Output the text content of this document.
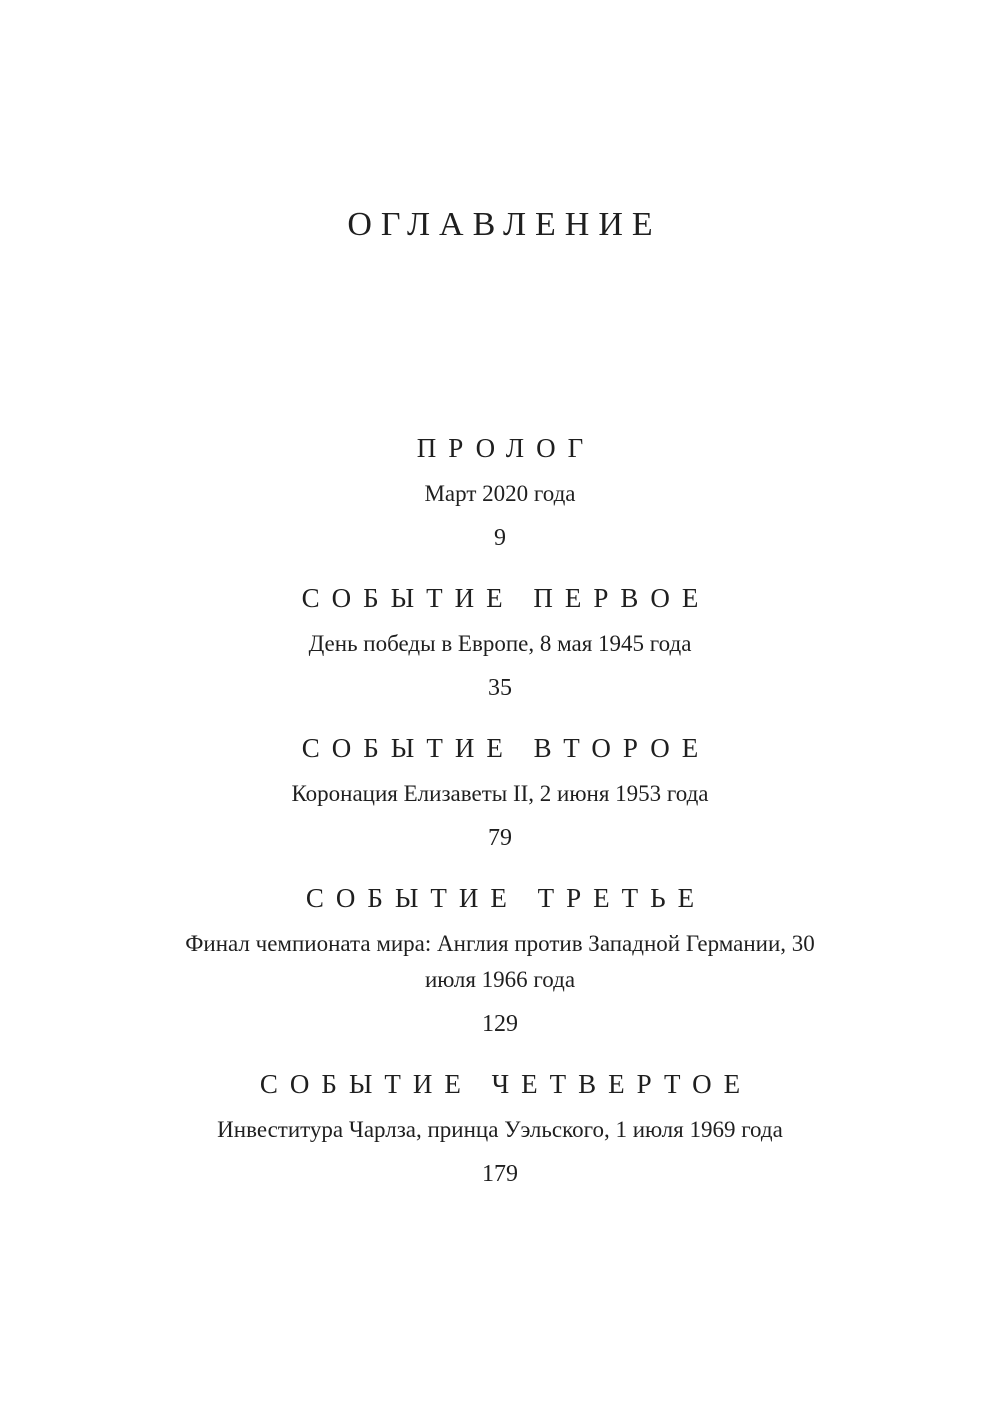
ОГЛАВЛЕНИЕ
ПРОЛОГ
Март 2020 года
9
СОБЫТИЕ ПЕРВОЕ
День победы в Европе, 8 мая 1945 года
35
СОБЫТИЕ ВТОРОЕ
Коронация Елизаветы II, 2 июня 1953 года
79
СОБЫТИЕ ТРЕТЬЕ
Финал чемпионата мира: Англия против Западной Германии, 30 июля 1966 года
129
СОБЫТИЕ ЧЕТВЕРТОЕ
Инвеститура Чарлза, принца Уэльского, 1 июля 1969 года
179
